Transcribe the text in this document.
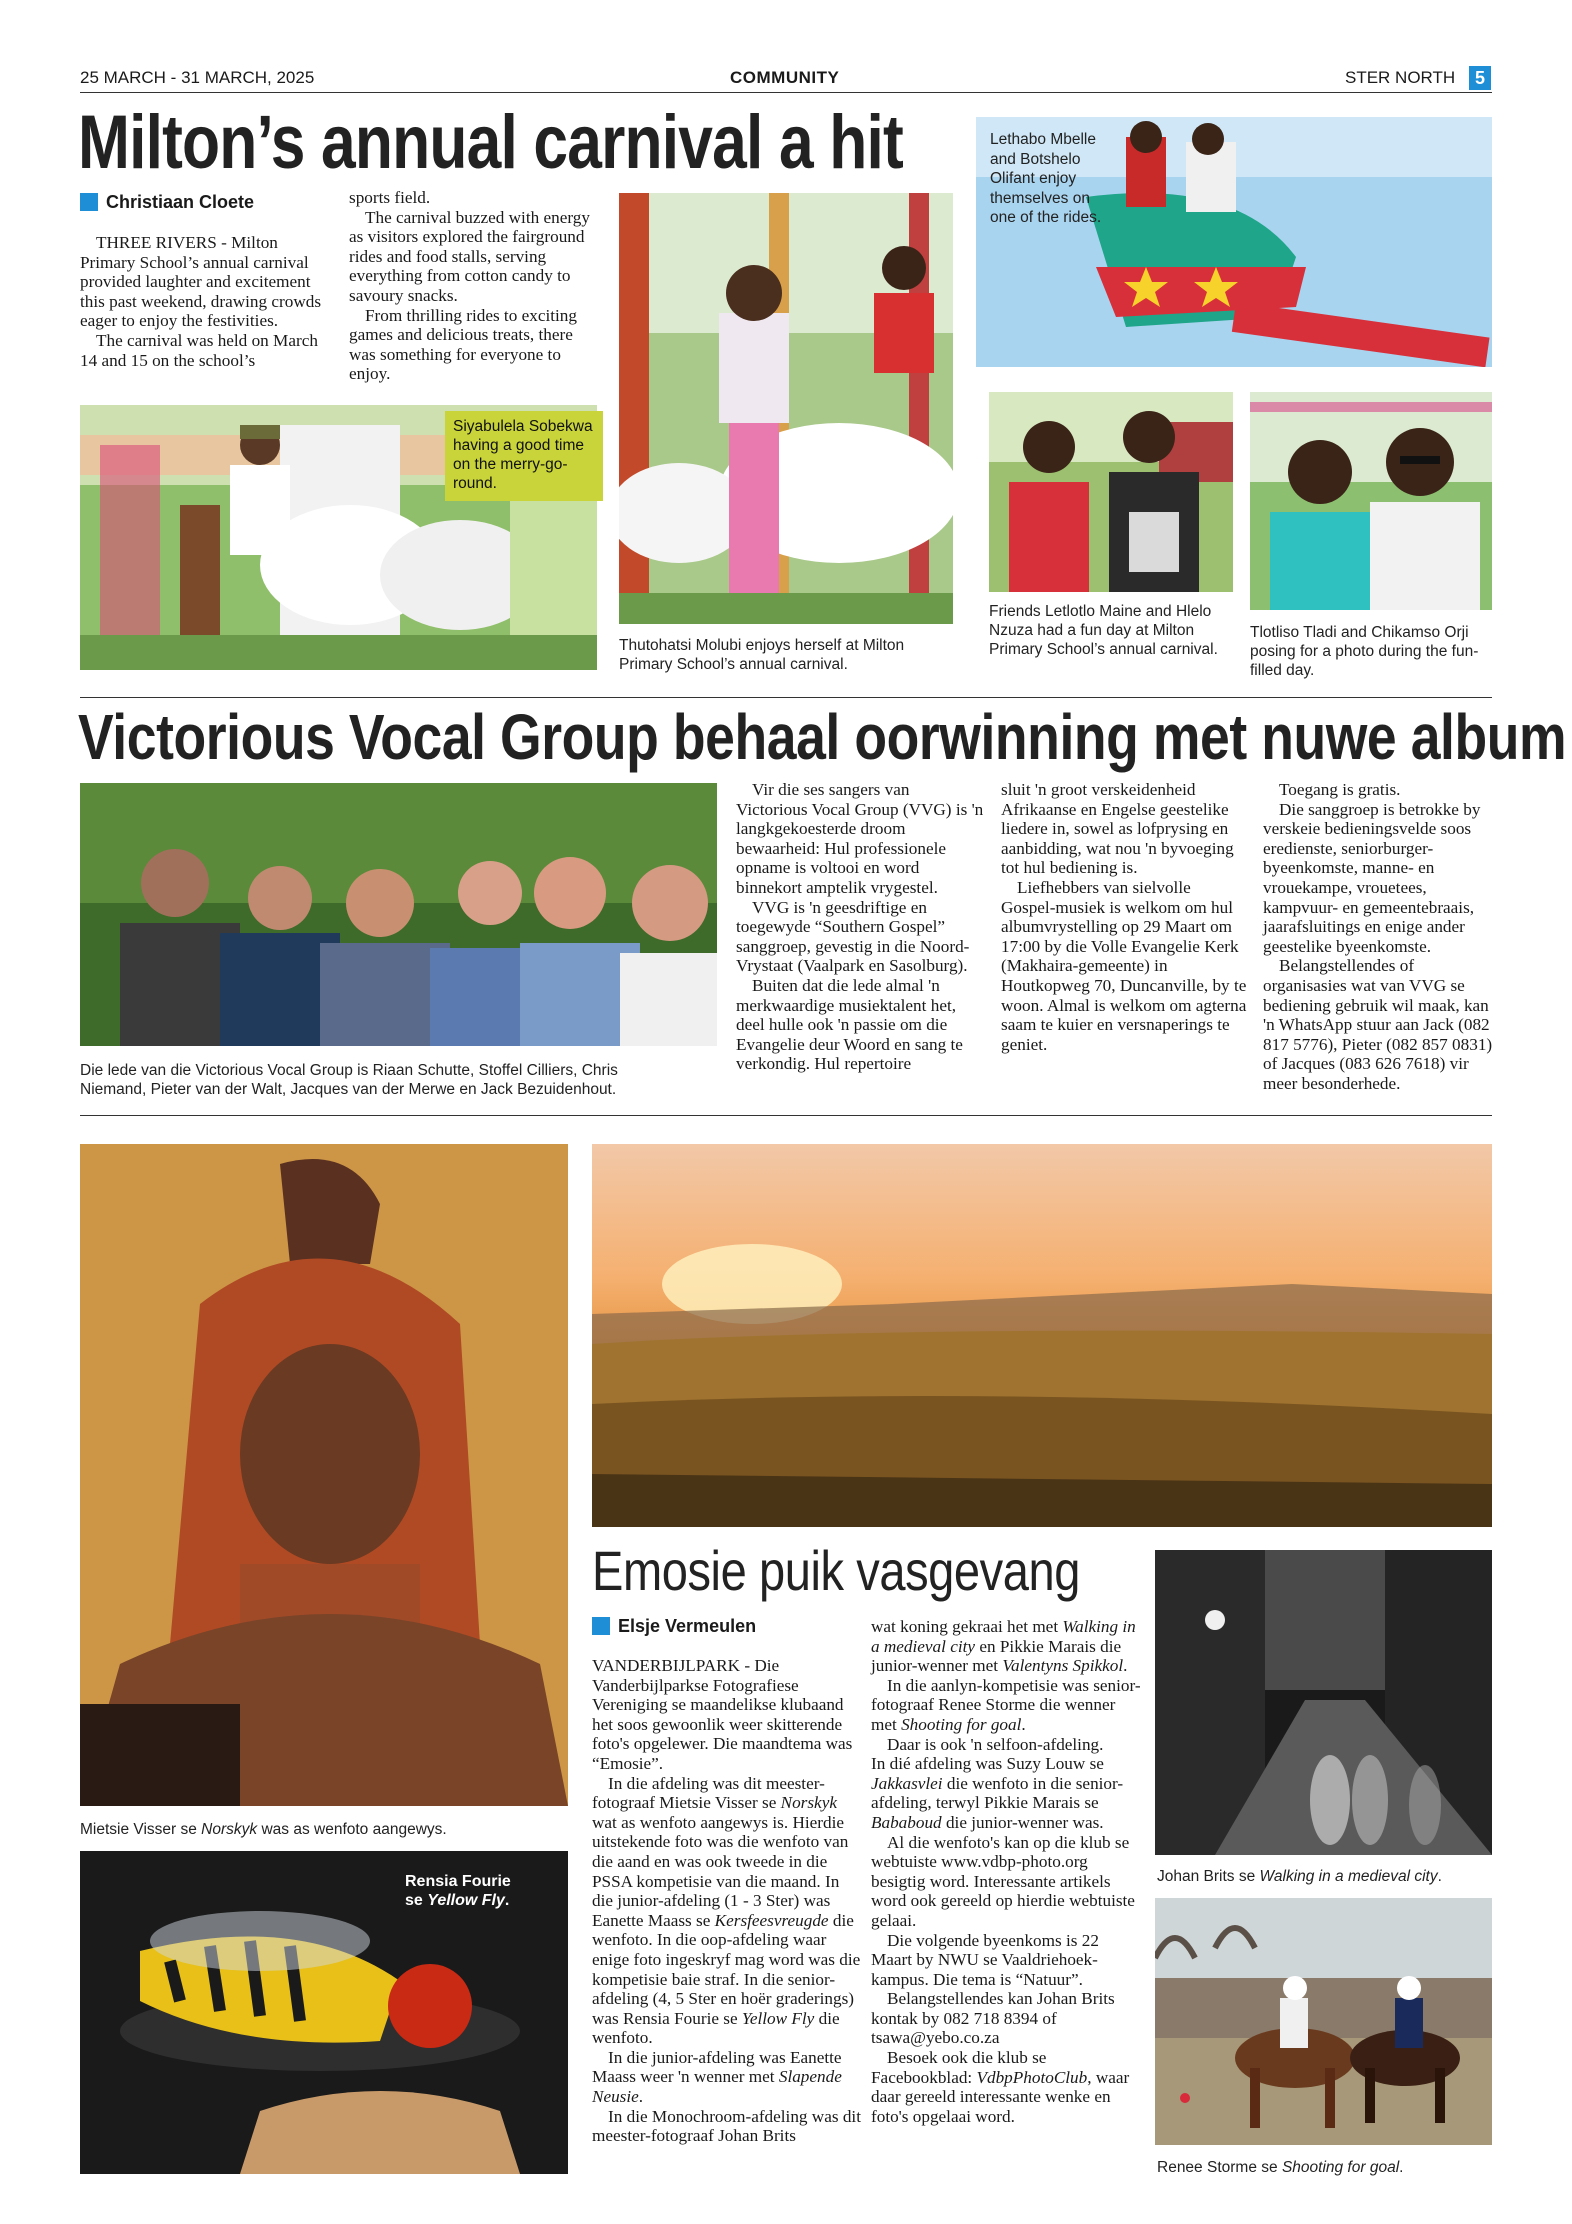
25 MARCH - 31 MARCH, 2025	COMMUNITY	STER NORTH	5
Milton’s annual carnival a hit
Christiaan Cloete

THREE RIVERS - Milton Primary School’s annual carnival provided laughter and excitement this past weekend, drawing crowds eager to enjoy the festivities.

The carnival was held on March 14 and 15 on the school’s

sports field.

The carnival buzzed with energy as visitors explored the fairground rides and food stalls, serving everything from cotton candy to savoury snacks.

From thrilling rides to exciting games and delicious treats, there was something for everyone to enjoy.

Siyabulela Sobekwa having a good time on the merry-go-round.
Thutohatsi Molubi enjoys herself at Milton Primary School’s annual carnival.
Lethabo Mbelle and Botshelo Olifant enjoy themselves on one of the rides.
Friends Letlotlo Maine and Hlelo Nzuza had a fun day at Milton Primary School’s annual carnival.
Tlotliso Tladi and Chikamso Orji posing for a photo during the fun-filled day.
Victorious Vocal Group behaal oorwinning met nuwe album
Die lede van die Victorious Vocal Group is Riaan Schutte, Stoffel Cilliers, Chris Niemand, Pieter van der Walt, Jacques van der Merwe en Jack Bezuidenhout.

Vir die ses sangers van Victorious Vocal Group (VVG) is 'n langkgekoesterde droom bewaarheid: Hul professionele opname is voltooi en word binnekort amptelik vrygestel.

VVG is 'n geesdriftige en toegewyde “Southern Gospel” sanggroep, gevestig in die Noord-Vrystaat (Vaalpark en Sasolburg).

Buiten dat die lede almal 'n merkwaardige musiektalent het, deel hulle ook 'n passie om die Evangelie deur Woord en sang te verkondig. Hul repertoire

sluit 'n groot verskeidenheid Afrikaanse en Engelse geestelike liedere in, sowel as lofprysing en aanbidding, wat nou 'n byvoeging tot hul bediening is.

Liefhebbers van sielvolle Gospel-musiek is welkom om hul albumvrystelling op 29 Maart om 17:00 by die Volle Evangelie Kerk (Makhaira-gemeente) in Houtkopweg 70, Duncanville, by te woon. Almal is welkom om agterna saam te kuier en versnaperings te geniet.

Toegang is gratis.

Die sanggroep is betrokke by verskeie bedieningsvelde soos eredienste, seniorburger-byeenkomste, manne- en vrouekampe, vrouetees, kampvuur- en gemeentebraais, jaarafsluitings en enige ander geestelike byeenkomste.

Belangstellendes of organisasies wat van VVG se bediening gebruik wil maak, kan 'n WhatsApp stuur aan Jack (082 817 5776), Pieter (082 857 0831) of Jacques (083 626 7618) vir meer besonderhede.

Mietsie Visser se Norskyk was as wenfoto aangewys.
Rensia Fourie
se Yellow Fly.
Emosie puik vasgevang
Elsje Vermeulen

VANDERBIJLPARK - Die Vanderbijlparkse Fotografiese Vereniging se maandelikse klubaand het soos gewoonlik weer skitterende foto's opgelewer. Die maandtema was “Emosie”.

In die afdeling was dit meester-fotograaf Mietsie Visser se Norskyk wat as wenfoto aangewys is. Hierdie uitstekende foto was die wenfoto van die aand en was ook tweede in die PSSA kompetisie van die maand. In die junior-afdeling (1 - 3 Ster) was Eanette Maass se Kersfeesvreugde die wenfoto. In die oop-afdeling waar enige foto ingeskryf mag word was die kompetisie baie straf. In die senior-afdeling (4, 5 Ster en hoër graderings) was Rensia Fourie se Yellow Fly die wenfoto.

In die junior-afdeling was Eanette Maass weer 'n wenner met Slapende Neusie.

In die Monochroom-afdeling was dit meester-fotograaf Johan Brits

wat koning gekraai het met Walking in a medieval city en Pikkie Marais die junior-wenner met Valentyns Spikkol.

In die aanlyn-kompetisie was senior-fotograaf Renee Storme die wenner met Shooting for goal.

Daar is ook 'n selfoon-afdeling.

In dié afdeling was Suzy Louw se Jakkasvlei die wenfoto in die senior-afdeling, terwyl Pikkie Marais se Bababoud die junior-wenner was.

Al die wenfoto's kan op die klub se webtuiste www.vdbp-photo.org besigtig word. Interessante artikels word ook gereeld op hierdie webtuiste gelaai.

Die volgende byeenkoms is 22 Maart by NWU se Vaaldriehoek-kampus. Die tema is “Natuur”.

Belangstellendes kan Johan Brits kontak by 082 718 8394 of tsawa@yebo.co.za

Besoek ook die klub se Facebookblad: VdbpPhotoClub, waar daar gereeld interessante wenke en foto's opgelaai word.

Johan Brits se Walking in a medieval city.
Renee Storme se Shooting for goal.
